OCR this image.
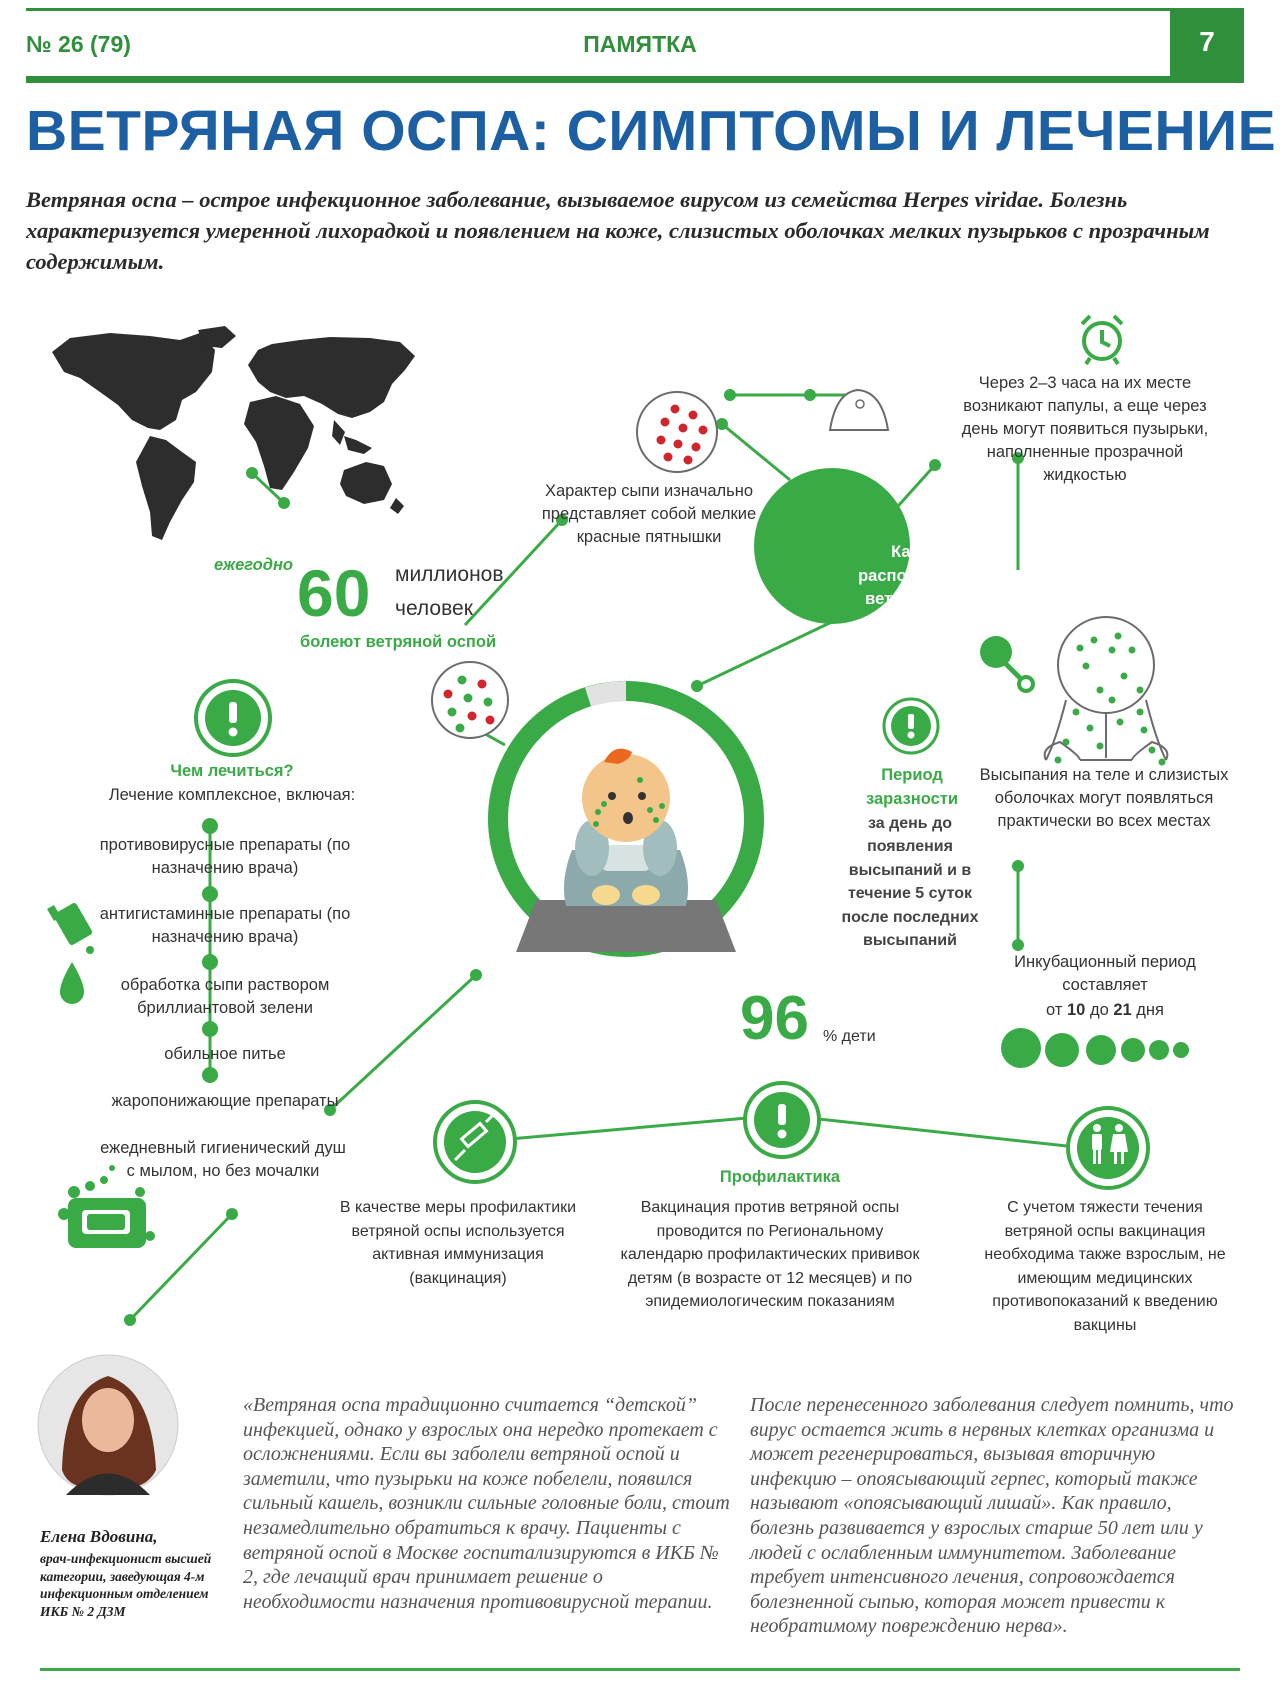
№ 26 (79)	ПАМЯТКА	7
ВЕТРЯНАЯ ОСПА: СИМПТОМЫ И ЛЕЧЕНИЕ
Ветряная оспа – острое инфекционное заболевание, вызываемое вирусом из семейства Herpes viridae. Болезнь характеризуется умеренной лихорадкой и появлением на коже, слизистых оболочках мелких пузырьков с прозрачным содержимым.
ежегодно 60 миллионов
человек
болеют ветряной оспой
96 % дети
Как распознать ветряную оспу?
Характер сыпи изначально представляет собой мелкие красные пятнышки
Через 2–3 часа на их месте возникают папулы, а еще через день могут появиться пузырьки, наполненные прозрачной жидкостью
Высыпания на теле и слизистых оболочках могут появляться практически во всех местах
Инкубационный период составляет
от 10 до 21 дня
Период заразности
за день до появления высыпаний и в течение 5 суток после последних высыпаний
Чем лечиться?
Лечение комплексное, включая:
противовирусные препараты (по назначению врача)
антигистаминные препараты (по назначению врача)
обработка сыпи раствором бриллиантовой зелени
обильное питье
жаропонижающие препараты
ежедневный гигиенический душ с мылом, но без мочалки	Профилактика
В качестве меры профилактики ветряной оспы используется активная иммунизация (вакцинация)
Вакцинация против ветряной оспы проводится по Региональному календарю профилактических прививок детям (в возрасте от 12 месяцев) и по эпидемиологическим показаниям
С учетом тяжести течения ветряной оспы вакцинация необходима также взрослым, не имеющим медицинских противопоказаний к введению вакцины
Елена Вдовина,
врач-инфекционист высшей категории, заведующая 4-м инфекционным отделением ИКБ № 2 ДЗМ
«Ветряная оспа традиционно считается “детской” инфекцией, однако у взрослых она нередко протекает с осложнениями. Если вы заболели ветряной оспой и заметили, что пузырьки на коже побелели, появился сильный кашель, возникли сильные головные боли, стоит незамедлительно обратиться к врачу. Пациенты с ветряной оспой в Москве госпитализируются в ИКБ № 2, где лечащий врач принимает решение о необходимости назначения противовирусной терапии.
После перенесенного заболевания следует помнить, что вирус остается жить в нервных клетках организма и может регенерироваться, вызывая вторичную инфекцию – опоясывающий герпес, который также называют «опоясывающий лишай». Как правило, болезнь развивается у взрослых старше 50 лет или у людей с ослабленным иммунитетом. Заболевание требует интенсивного лечения, сопровождается болезненной сыпью, которая может привести к необратимому повреждению нерва».
